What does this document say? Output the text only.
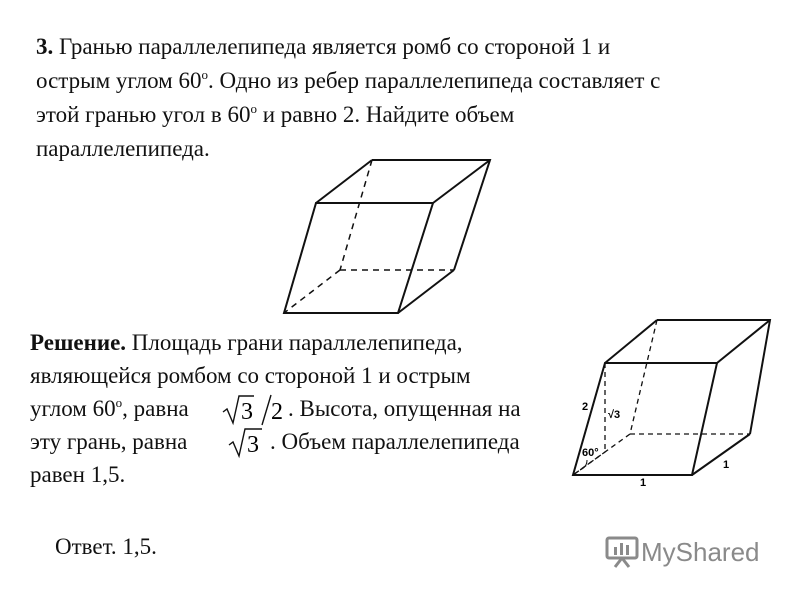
3. Гранью параллелепипеда является ромб со стороной 1 и
острым углом $60^о$. Одно из ребер параллелепипеда составляет с
этой гранью угол в $60^о$ и равно 2. Найдите объем
параллелепипеда.
Решение. Площадь грани параллелепипеда,
являющейся ромбом со стороной 1 и острым
углом $60^о$, равна 3 2 . Высота, опущенная на
эту грань, равна 3 . Объем параллелепипеда
равен 1,5.
2
√3
60°
1
1
Ответ. 1,5.	MyShared
